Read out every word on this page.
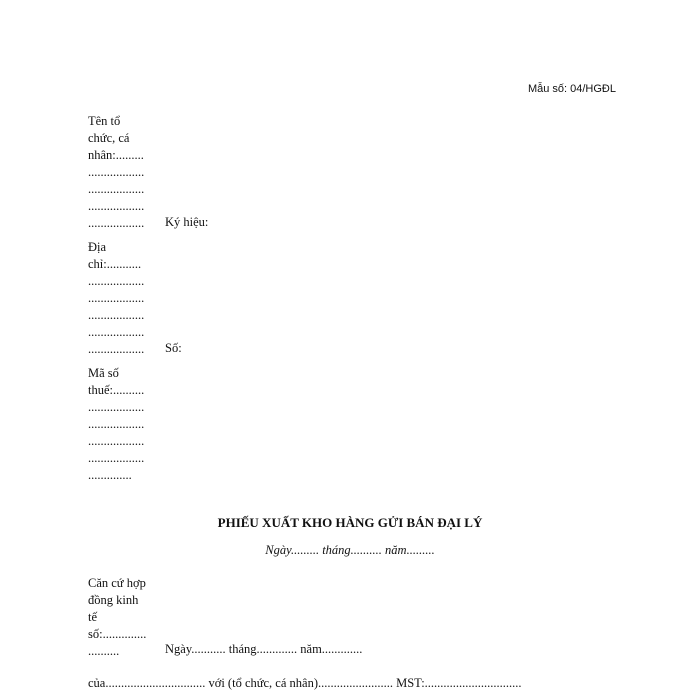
Mẫu số: 04/HGĐL
Tên tổ
chức, cá
nhân:.........
..................
..................
..................
..................	Ký hiệu:
Địa
chỉ:...........
..................
..................
..................
..................
..................	Số:
Mã số
thuế:..........
..................
..................
..................
..................
..............
PHIẾU XUẤT KHO HÀNG GỬI BÁN ĐẠI LÝ
Ngày......... tháng.......... năm.........
Căn cứ hợp
đồng kinh
tế
số:..............
..........	Ngày........... tháng............. năm.............
của................................ với (tổ chức, cá nhân)........................ MST:...............................
